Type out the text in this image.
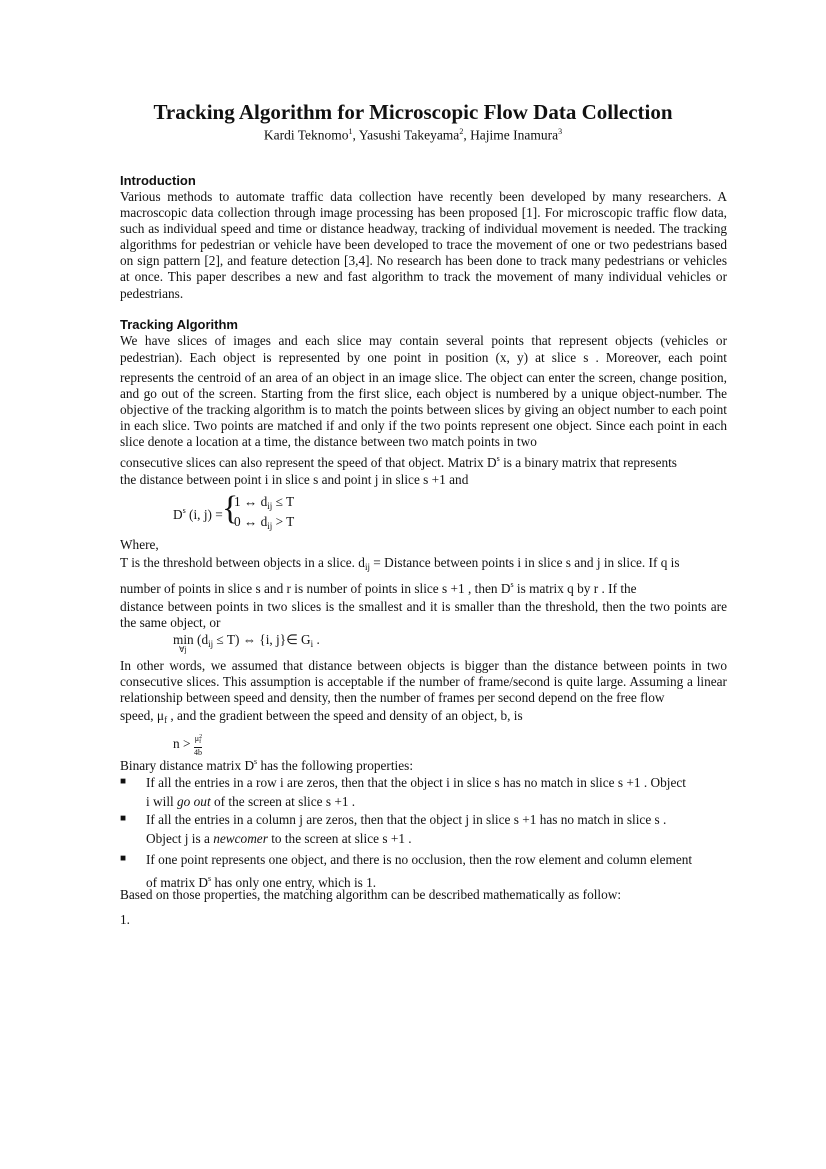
Tracking Algorithm for Microscopic Flow Data Collection
Kardi Teknomo$^1$, Yasushi Takeyama$^2$, Hajime Inamura$^3$
Introduction

Various methods to automate traffic data collection have recently been developed by many researchers. A macroscopic data collection through image processing has been proposed [1]. For microscopic traffic flow data, such as individual speed and time or distance headway, tracking of individual movement is needed. The tracking algorithms for pedestrian or vehicle have been developed to trace the movement of one or two pedestrians based on sign pattern [2], and feature detection [3,4]. No research has been done to track many pedestrians or vehicles at once. This paper describes a new and fast algorithm to track the movement of many individual vehicles or pedestrians.

Tracking Algorithm
We have slices of images and each slice may contain several points that represent objects (vehicles or
pedestrian). Each object is represented by one point in position (x, y) at slice s . Moreover, each point

represents the centroid of an area of an object in an image slice. The object can enter the screen, change position, and go out of the screen. Starting from the first slice, each object is numbered by a unique object-number. The objective of the tracking algorithm is to match the points between slices by giving an object number to each point in each slice. Two points are matched if and only if the two points represent one object. Since each point in each slice denote a location at a time, the distance between two match points in two

consecutive slices can also represent the speed of that object. Matrix $D^s$ is a binary matrix that represents
the distance between point i in slice s and point j in slice s +1 and
$D^s$ (i, j) = {
1 ↔ $d_{ij} \le T$
0 ↔ $d_{ij} > T$
Where,
T is the threshold between objects in a slice. $d_{ij}$ = Distance between points i in slice s and j in slice. If q is
number of points in slice s and r is number of points in slice s +1 , then $D^s$ is matrix q by r . If the

distance between points in two slices is the smallest and it is smaller than the threshold, then the two points are the same object, or

min
∀j
$(d_{ij} \le T)$ ⇔ {i, j}∈ $G_i$ .

In other words, we assumed that distance between objects is bigger than the distance between points in two consecutive slices. This assumption is acceptable if the number of frame/second is quite large. Assuming a linear relationship between speed and density, then the number of frames per second depend on the free flow

speed, $\mu_f$ , and the gradient between the speed and density of an object, b, is
$n > \frac{\mu^2_f}{4b}$
Binary distance matrix $D^s$ has the following properties:
■ If all the entries in a row i are zeros, then that the object i in slice s has no match in slice s +1 . Object
i will go out of the screen at slice s +1 .

■ If all the entries in a column j are zeros, then that the object j in slice s +1 has no match in slice s .
Object j is a newcomer to the screen at slice s +1 .

■ If one point represents one object, and there is no occlusion, then the row element and column element
of matrix $D^s$ has only one entry, which is 1.

Based on those properties, the matching algorithm can be described mathematically as follow:
1.
